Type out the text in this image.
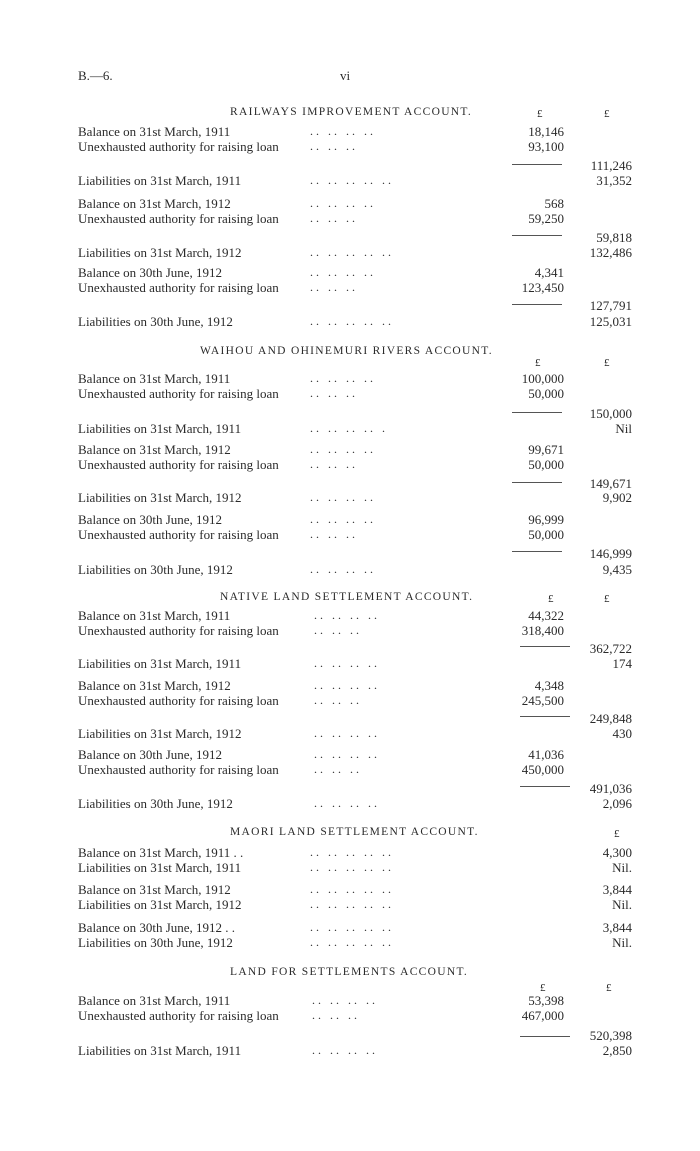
B.—6.	vi
RAILWAYS IMPROVEMENT ACCOUNT.	£	£
WAIHOU AND OHINEMURI RIVERS ACCOUNT.
£	£
NATIVE LAND SETTLEMENT ACCOUNT.	£	£
MAORI LAND SETTLEMENT ACCOUNT.	£
LAND FOR SETTLEMENTS ACCOUNT.
£	£
Balance on 31st March, 1911	. .   . .   . .   . .	18,146
Unexhausted authority for raising loan	. .   . .   . .	93,100
111,246
Liabilities on 31st March, 1911	. .   . .   . .   . .   . .	31,352
Balance on 31st March, 1912	. .   . .   . .   . .	568
Unexhausted authority for raising loan	. .   . .   . .	59,250
59,818
Liabilities on 31st March, 1912	. .   . .   . .   . .   . .	132,486
Balance on 30th June, 1912	. .   . .   . .   . .	4,341
Unexhausted authority for raising loan	. .   . .   . .	123,450
127,791
Liabilities on 30th June, 1912	. .   . .   . .   . .   . .	125,031
Balance on 31st March, 1911	. .   . .   . .   . .	100,000
Unexhausted authority for raising loan	. .   . .   . .	50,000
150,000
Liabilities on 31st March, 1911	. .   . .   . .   . .   .	Nil
Balance on 31st March, 1912	. .   . .   . .   . .	99,671
Unexhausted authority for raising loan	. .   . .   . .	50,000
149,671
Liabilities on 31st March, 1912	. .   . .   . .   . .	9,902
Balance on 30th June, 1912	. .   . .   . .   . .	96,999
Unexhausted authority for raising loan	. .   . .   . .	50,000
146,999
Liabilities on 30th June, 1912	. .   . .   . .   . .	9,435
Balance on 31st March, 1911	. .   . .   . .   . .	44,322
Unexhausted authority for raising loan	. .   . .   . .	318,400
362,722
Liabilities on 31st March, 1911	. .   . .   . .   . .	174
Balance on 31st March, 1912	. .   . .   . .   . .	4,348
Unexhausted authority for raising loan	. .   . .   . .	245,500
249,848
Liabilities on 31st March, 1912	. .   . .   . .   . .	430
Balance on 30th June, 1912	. .   . .   . .   . .	41,036
Unexhausted authority for raising loan	. .   . .   . .	450,000
491,036
Liabilities on 30th June, 1912	. .   . .   . .   . .	2,096
Balance on 31st March, 1911 . .	. .   . .   . .   . .   . .	4,300
Liabilities on 31st March, 1911	. .   . .   . .   . .   . .	Nil.
Balance on 31st March, 1912	. .   . .   . .   . .   . .	3,844
Liabilities on 31st March, 1912	. .   . .   . .   . .   . .	Nil.
Balance on 30th June, 1912 . .	. .   . .   . .   . .   . .	3,844
Liabilities on 30th June, 1912	. .   . .   . .   . .   . .	Nil.
Balance on 31st March, 1911	. .   . .   . .   . .	53,398
Unexhausted authority for raising loan	. .   . .   . .	467,000
520,398
Liabilities on 31st March, 1911	. .   . .   . .   . .	2,850
